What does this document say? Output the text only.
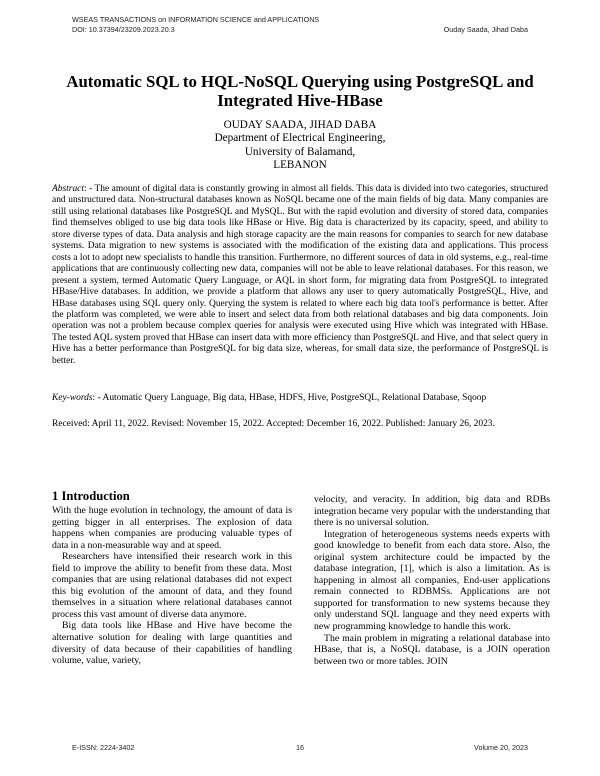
WSEAS TRANSACTIONS on INFORMATION SCIENCE and APPLICATIONS
DOI: 10.37394/23209.2023.20.3	Ouday Saada, Jihad Daba
Automatic SQL to HQL-NoSQL Querying using PostgreSQL and
Integrated Hive-HBase
OUDAY SAADA, JIHAD DABA
Department of Electrical Engineering,
University of Balamand,
LEBANON

Abstract: - The amount of digital data is constantly growing in almost all fields. This data is divided into two categories, structured and unstructured data. Non-structural databases known as NoSQL became one of the main fields of big data. Many companies are still using relational databases like PostgreSQL and MySQL. But with the rapid evolution and diversity of stored data, companies find themselves obliged to use big data tools like HBase or Hive. Big data is characterized by its capacity, speed, and ability to store diverse types of data. Data analysis and high storage capacity are the main reasons for companies to search for new database systems. Data migration to new systems is associated with the modification of the existing data and applications. This process costs a lot to adopt new specialists to handle this transition. Furthermore, no different sources of data in old systems, e.g., real-time applications that are continuously collecting new data, companies will not be able to leave relational databases. For this reason, we present a system, termed Automatic Query Language, or AQL in short form, for migrating data from PostgreSQL to integrated HBase/Hive databases. In addition, we provide a platform that allows any user to query automatically PostgreSQL, Hive, and HBase databases using SQL query only. Querying the system is related to where each big data tool's performance is better. After the platform was completed, we were able to insert and select data from both relational databases and big data components. Join operation was not a problem because complex queries for analysis were executed using Hive which was integrated with HBase. The tested AQL system proved that HBase can insert data with more efficiency than PostgreSQL and Hive, and that select query in Hive has a better performance than PostgreSQL for big data size, whereas, for small data size, the performance of PostgreSQL is better.

Key-words: - Automatic Query Language, Big data, HBase, HDFS, Hive, PostgreSQL, Relational Database, Sqoop
Received: April 11, 2022. Revised: November 15, 2022. Accepted: December 16, 2022. Published: January 26, 2023.
1 Introduction

With the huge evolution in technology, the amount of data is getting bigger in all enterprises. The explosion of data happens when companies are producing valuable types of data in a non-measurable way and at speed.

Researchers have intensified their research work in this field to improve the ability to benefit from these data. Most companies that are using relational databases did not expect this big evolution of the amount of data, and they found themselves in a situation where relational databases cannot process this vast amount of diverse data anymore.

Big data tools like HBase and Hive have become the alternative solution for dealing with large quantities and diversity of data because of their capabilities of handling volume, value, variety,

velocity, and veracity. In addition, big data and RDBs integration became very popular with the understanding that there is no universal solution.

Integration of heterogeneous systems needs experts with good knowledge to benefit from each data store. Also, the original system architecture could be impacted by the database integration, [1], which is also a limitation. As is happening in almost all companies, End-user applications remain connected to RDBMSs. Applications are not supported for transformation to new systems because they only understand SQL language and they need experts with new programming knowledge to handle this work.

The main problem in migrating a relational database into HBase, that is, a NoSQL database, is a JOIN operation between two or more tables. JOIN

E-ISSN: 2224-3402	16	Volume 20, 2023
